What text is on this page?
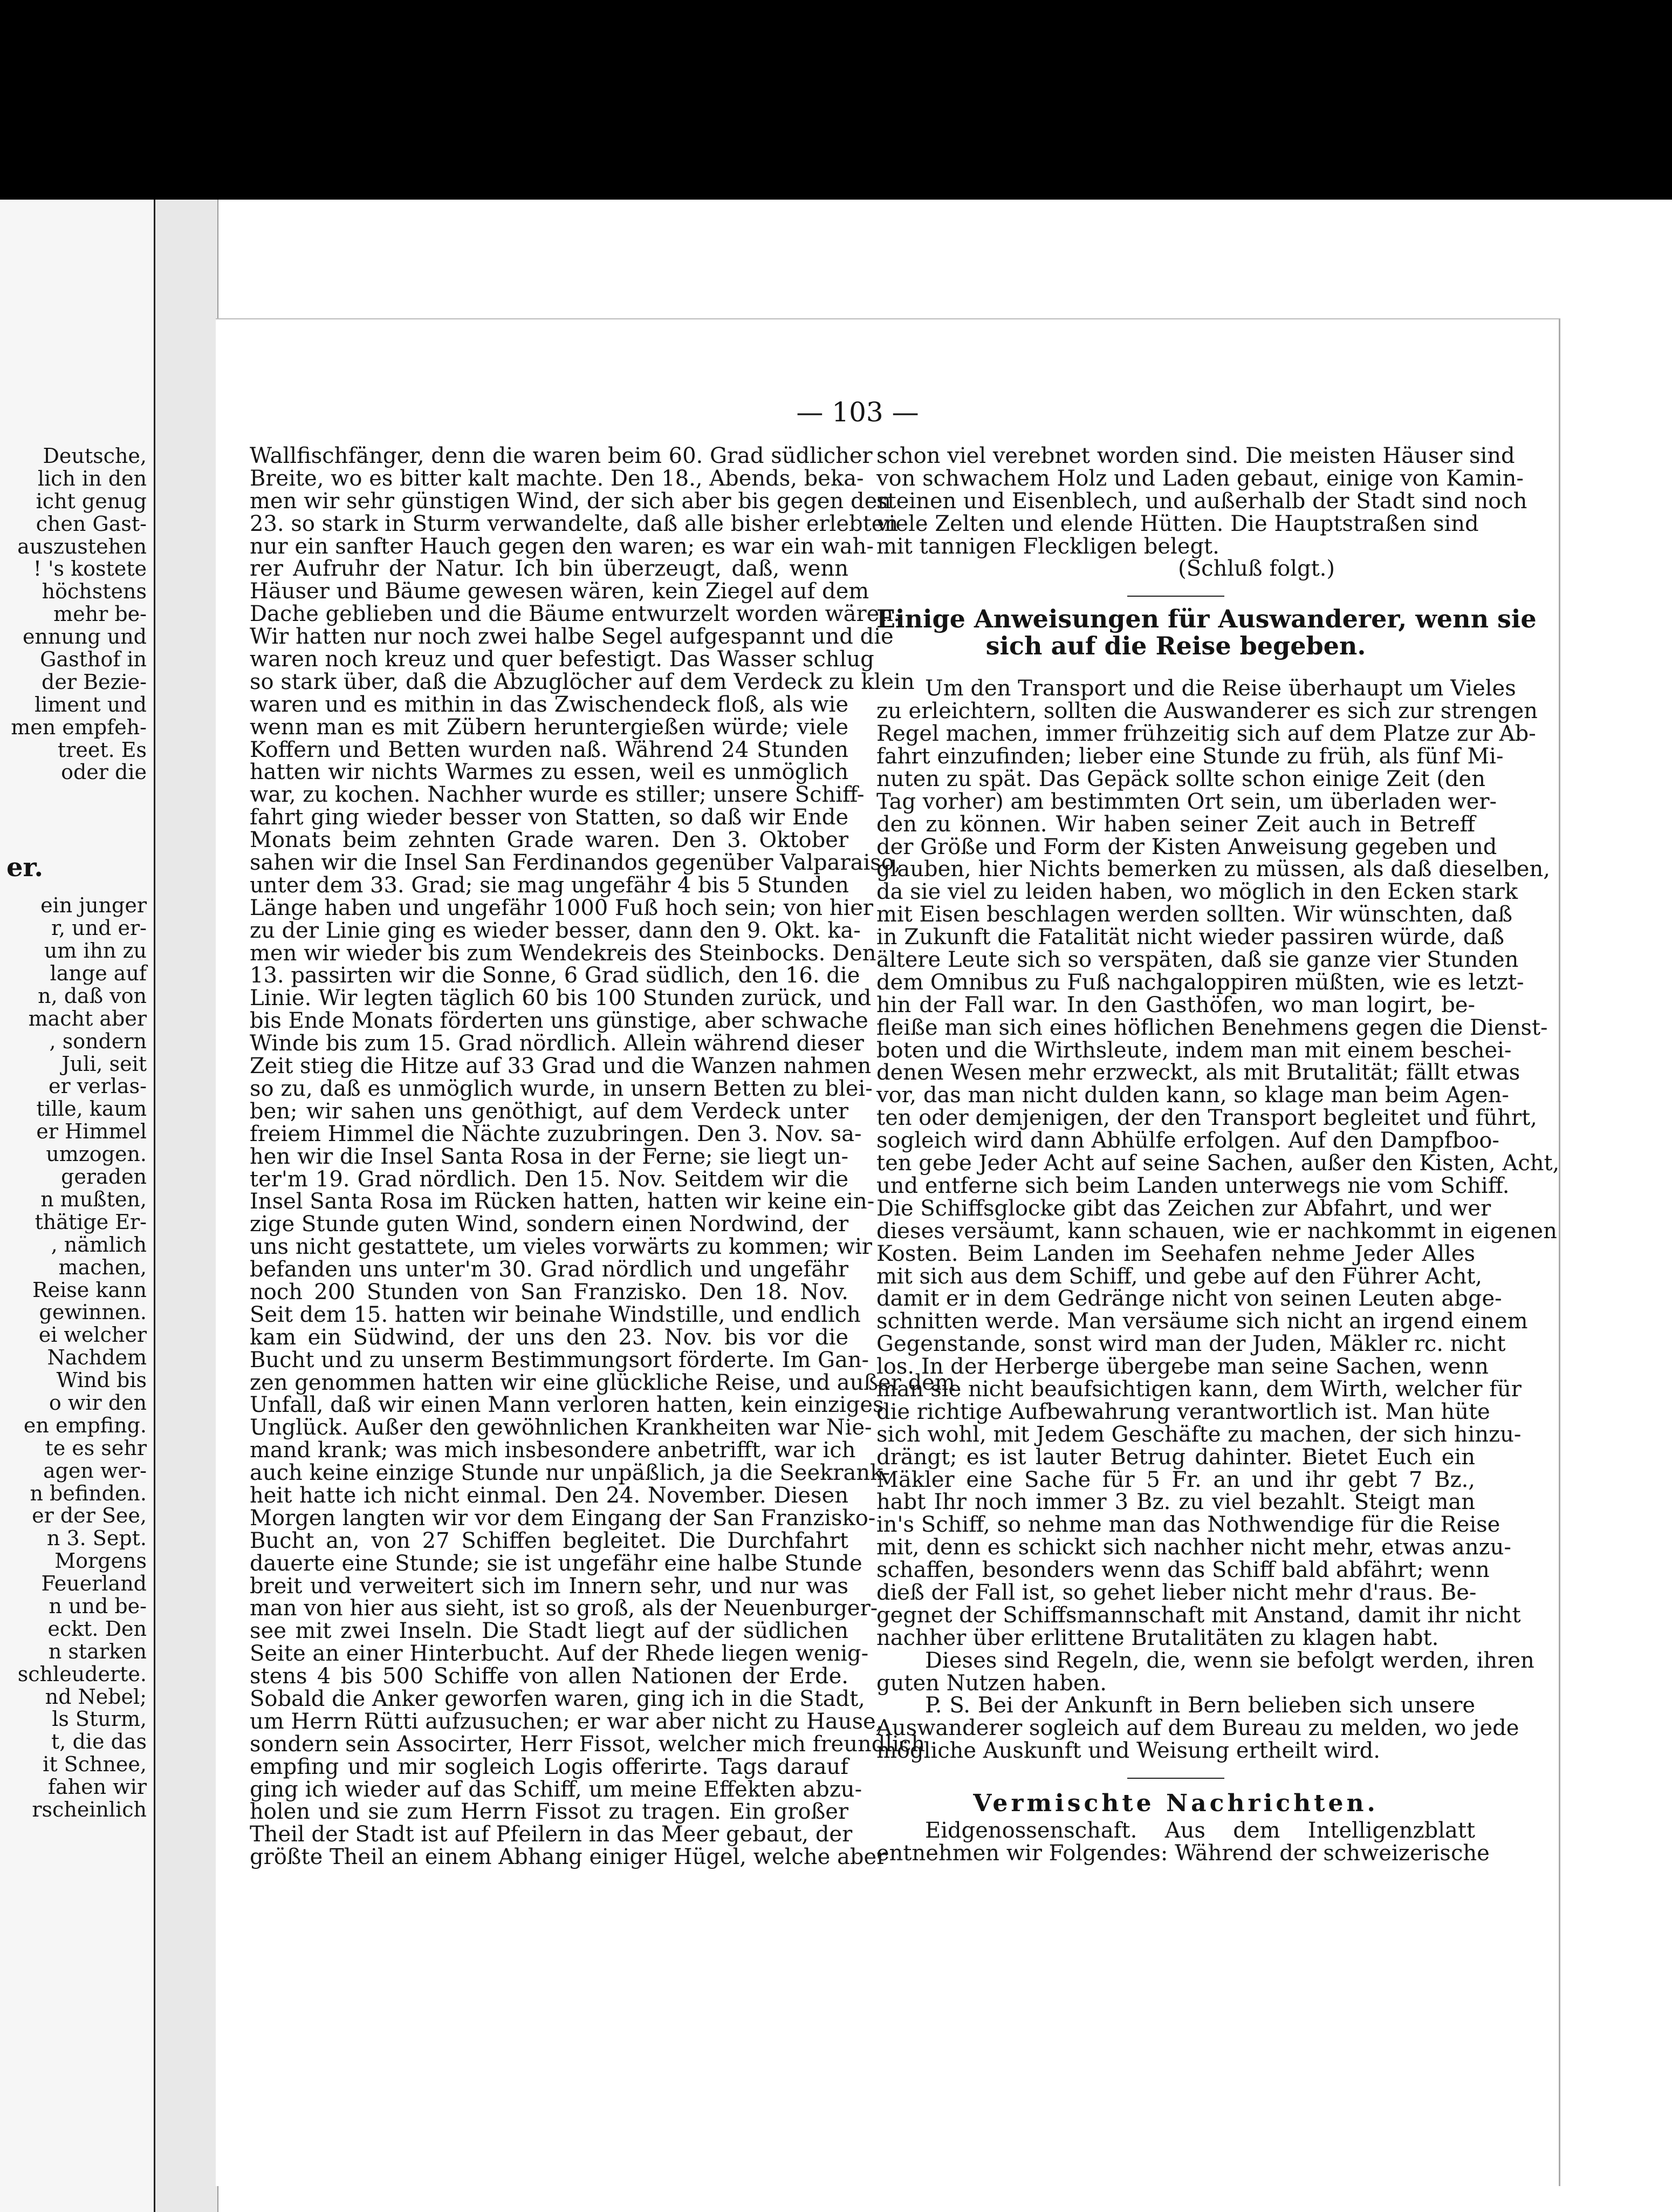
Deutsche,
lich in den
icht genug
chen Gast-
auszustehen
! 's kostete
höchstens
mehr be-
ennung und
Gasthof in
der Bezie-
liment und
men empfeh-
treet. Es
oder die
er.
ein junger
r, und er-
um ihn zu
lange auf
n, daß von
macht aber
, sondern
Juli, seit
er verlas-
tille, kaum
er Himmel
umzogen.
geraden
n mußten,
thätige Er-
, nämlich
machen,
Reise kann
gewinnen.
ei welcher
Nachdem
Wind bis
o wir den
en empfing.
te es sehr
agen wer-
n befinden.
er der See,
n 3. Sept.
Morgens
Feuerland
n und be-
eckt. Den
n starken
schleuderte.
nd Nebel;
ls Sturm,
t, die das
it Schnee,
fahen wir
rscheinlich
— 103 —
Wallfischfänger, denn die waren beim 60. Grad südlicher
Breite, wo es bitter kalt machte. Den 18., Abends, beka-
men wir sehr günstigen Wind, der sich aber bis gegen den
23. so stark in Sturm verwandelte, daß alle bisher erlebten
nur ein sanfter Hauch gegen den waren; es war ein wah-
rer Aufruhr der Natur. Ich bin überzeugt, daß, wenn
Häuser und Bäume gewesen wären, kein Ziegel auf dem
Dache geblieben und die Bäume entwurzelt worden wären.
Wir hatten nur noch zwei halbe Segel aufgespannt und die
waren noch kreuz und quer befestigt. Das Wasser schlug
so stark über, daß die Abzuglöcher auf dem Verdeck zu klein
waren und es mithin in das Zwischendeck floß, als wie
wenn man es mit Zübern heruntergießen würde; viele
Koffern und Betten wurden naß. Während 24 Stunden
hatten wir nichts Warmes zu essen, weil es unmöglich
war, zu kochen. Nachher wurde es stiller; unsere Schiff-
fahrt ging wieder besser von Statten, so daß wir Ende
Monats beim zehnten Grade waren. Den 3. Oktober
sahen wir die Insel San Ferdinandos gegenüber Valparaiso,
unter dem 33. Grad; sie mag ungefähr 4 bis 5 Stunden
Länge haben und ungefähr 1000 Fuß hoch sein; von hier
zu der Linie ging es wieder besser, dann den 9. Okt. ka-
men wir wieder bis zum Wendekreis des Steinbocks. Den
13. passirten wir die Sonne, 6 Grad südlich, den 16. die
Linie. Wir legten täglich 60 bis 100 Stunden zurück, und
bis Ende Monats förderten uns günstige, aber schwache
Winde bis zum 15. Grad nördlich. Allein während dieser
Zeit stieg die Hitze auf 33 Grad und die Wanzen nahmen
so zu, daß es unmöglich wurde, in unsern Betten zu blei-
ben; wir sahen uns genöthigt, auf dem Verdeck unter
freiem Himmel die Nächte zuzubringen. Den 3. Nov. sa-
hen wir die Insel Santa Rosa in der Ferne; sie liegt un-
ter'm 19. Grad nördlich. Den 15. Nov. Seitdem wir die
Insel Santa Rosa im Rücken hatten, hatten wir keine ein-
zige Stunde guten Wind, sondern einen Nordwind, der
uns nicht gestattete, um vieles vorwärts zu kommen; wir
befanden uns unter'm 30. Grad nördlich und ungefähr
noch 200 Stunden von San Franzisko. Den 18. Nov.
Seit dem 15. hatten wir beinahe Windstille, und endlich
kam ein Südwind, der uns den 23. Nov. bis vor die
Bucht und zu unserm Bestimmungsort förderte. Im Gan-
zen genommen hatten wir eine glückliche Reise, und außer dem
Unfall, daß wir einen Mann verloren hatten, kein einziges
Unglück. Außer den gewöhnlichen Krankheiten war Nie-
mand krank; was mich insbesondere anbetrifft, war ich
auch keine einzige Stunde nur unpäßlich, ja die Seekrank-
heit hatte ich nicht einmal. Den 24. November. Diesen
Morgen langten wir vor dem Eingang der San Franzisko-
Bucht an, von 27 Schiffen begleitet. Die Durchfahrt
dauerte eine Stunde; sie ist ungefähr eine halbe Stunde
breit und verweitert sich im Innern sehr, und nur was
man von hier aus sieht, ist so groß, als der Neuenburger-
see mit zwei Inseln. Die Stadt liegt auf der südlichen
Seite an einer Hinterbucht. Auf der Rhede liegen wenig-
stens 4 bis 500 Schiffe von allen Nationen der Erde.
Sobald die Anker geworfen waren, ging ich in die Stadt,
um Herrn Rütti aufzusuchen; er war aber nicht zu Hause,
sondern sein Associrter, Herr Fissot, welcher mich freundlich
empfing und mir sogleich Logis offerirte. Tags darauf
ging ich wieder auf das Schiff, um meine Effekten abzu-
holen und sie zum Herrn Fissot zu tragen. Ein großer
Theil der Stadt ist auf Pfeilern in das Meer gebaut, der
größte Theil an einem Abhang einiger Hügel, welche aber
schon viel verebnet worden sind. Die meisten Häuser sind
von schwachem Holz und Laden gebaut, einige von Kamin-
steinen und Eisenblech, und außerhalb der Stadt sind noch
viele Zelten und elende Hütten. Die Hauptstraßen sind
mit tannigen Fleckligen belegt.
(Schluß folgt.)
Einige Anweisungen für Auswanderer, wenn sie
sich auf die Reise begeben.
Um den Transport und die Reise überhaupt um Vieles
zu erleichtern, sollten die Auswanderer es sich zur strengen
Regel machen, immer frühzeitig sich auf dem Platze zur Ab-
fahrt einzufinden; lieber eine Stunde zu früh, als fünf Mi-
nuten zu spät. Das Gepäck sollte schon einige Zeit (den
Tag vorher) am bestimmten Ort sein, um überladen wer-
den zu können. Wir haben seiner Zeit auch in Betreff
der Größe und Form der Kisten Anweisung gegeben und
glauben, hier Nichts bemerken zu müssen, als daß dieselben,
da sie viel zu leiden haben, wo möglich in den Ecken stark
mit Eisen beschlagen werden sollten. Wir wünschten, daß
in Zukunft die Fatalität nicht wieder passiren würde, daß
ältere Leute sich so verspäten, daß sie ganze vier Stunden
dem Omnibus zu Fuß nachgaloppiren müßten, wie es letzt-
hin der Fall war. In den Gasthöfen, wo man logirt, be-
fleiße man sich eines höflichen Benehmens gegen die Dienst-
boten und die Wirthsleute, indem man mit einem beschei-
denen Wesen mehr erzweckt, als mit Brutalität; fällt etwas
vor, das man nicht dulden kann, so klage man beim Agen-
ten oder demjenigen, der den Transport begleitet und führt,
sogleich wird dann Abhülfe erfolgen. Auf den Dampfboo-
ten gebe Jeder Acht auf seine Sachen, außer den Kisten, Acht,
und entferne sich beim Landen unterwegs nie vom Schiff.
Die Schiffsglocke gibt das Zeichen zur Abfahrt, und wer
dieses versäumt, kann schauen, wie er nachkommt in eigenen
Kosten. Beim Landen im Seehafen nehme Jeder Alles
mit sich aus dem Schiff, und gebe auf den Führer Acht,
damit er in dem Gedränge nicht von seinen Leuten abge-
schnitten werde. Man versäume sich nicht an irgend einem
Gegenstande, sonst wird man der Juden, Mäkler rc. nicht
los. In der Herberge übergebe man seine Sachen, wenn
man sie nicht beaufsichtigen kann, dem Wirth, welcher für
die richtige Aufbewahrung verantwortlich ist. Man hüte
sich wohl, mit Jedem Geschäfte zu machen, der sich hinzu-
drängt; es ist lauter Betrug dahinter. Bietet Euch ein
Mäkler eine Sache für 5 Fr. an und ihr gebt 7 Bz.,
habt Ihr noch immer 3 Bz. zu viel bezahlt. Steigt man
in's Schiff, so nehme man das Nothwendige für die Reise
mit, denn es schickt sich nachher nicht mehr, etwas anzu-
schaffen, besonders wenn das Schiff bald abfährt; wenn
dieß der Fall ist, so gehet lieber nicht mehr d'raus. Be-
gegnet der Schiffsmannschaft mit Anstand, damit ihr nicht
nachher über erlittene Brutalitäten zu klagen habt.
Dieses sind Regeln, die, wenn sie befolgt werden, ihren
guten Nutzen haben.
P. S. Bei der Ankunft in Bern belieben sich unsere
Auswanderer sogleich auf dem Bureau zu melden, wo jede
mögliche Auskunft und Weisung ertheilt wird.
Vermischte Nachrichten.
Eidgenossenschaft. Aus dem Intelligenzblatt
entnehmen wir Folgendes: Während der schweizerische
